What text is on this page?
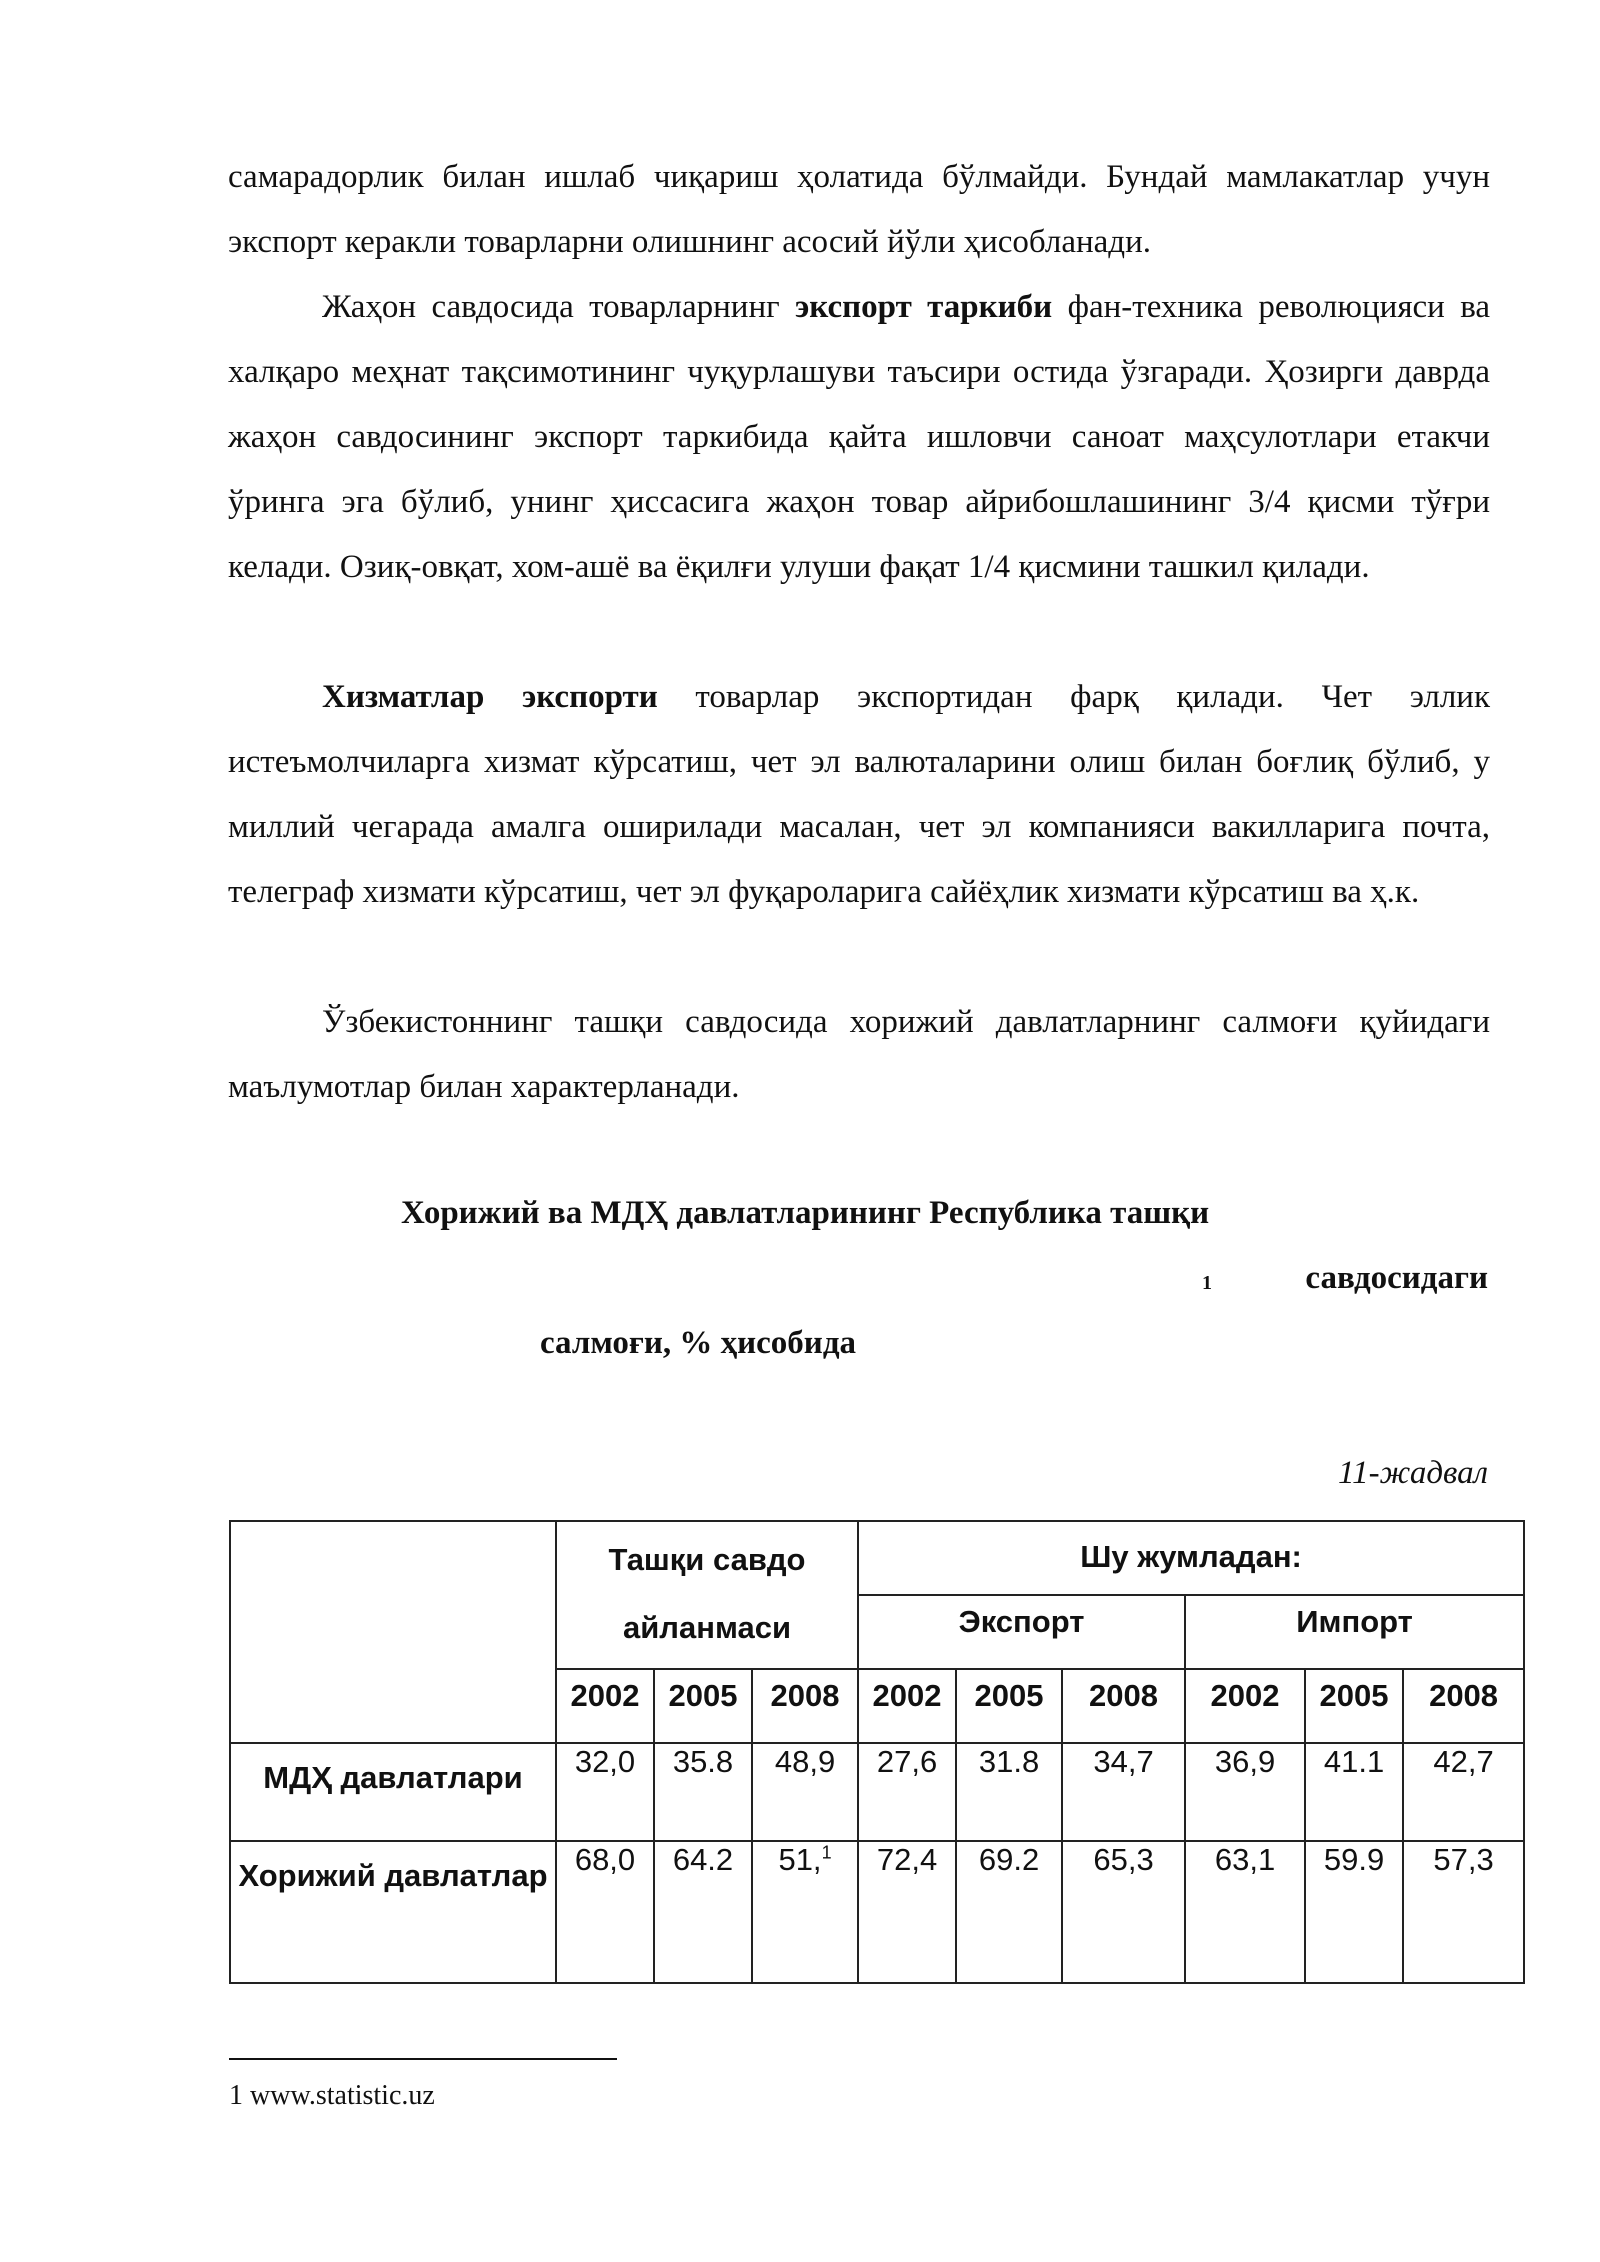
самарадорлик билан ишлаб чиқариш ҳолатида бўлмайди. Бундай мамлакатлар учун экспорт керакли товарларни олишнинг асосий йўли ҳисобланади.

Жаҳон савдосида товарларнинг экспорт таркиби фан-техника революцияси ва халқаро меҳнат тақсимотининг чуқурлашуви таъсири остида ўзгаради. Ҳозирги даврда жаҳон савдосининг экспорт таркибида қайта ишловчи саноат маҳсулотлари етакчи ўринга эга бўлиб, унинг ҳиссасига жаҳон товар айрибошлашининг 3/4 қисми тўғри келади. Озиқ-овқат, хом-ашё ва ёқилғи улуши фақат 1/4 қисмини ташкил қилади.

Хизматлар экспорти товарлар экспортидан фарқ қилади. Чет эллик истеъмолчиларга хизмат кўрсатиш, чет эл валюталарини олиш билан боғлиқ бўлиб, у миллий чегарада амалга оширилади масалан, чет эл компанияси вакилларига почта, телеграф хизмати кўрсатиш, чет эл фуқароларига сайёҳлик хизмати кўрсатиш ва ҳ.к.

Ўзбекистоннинг ташқи савдосида хорижий давлатларнинг салмоғи қуйидаги маълумотлар билан характерланади.

Хорижий ва МДҲ давлатларининг Республика ташқи
1	савдосидаги
салмоғи, % ҳисобида
11-жадвал
	Ташқи савдо айланмаси			Шу жумладан:					
				Экспорт			Импорт		
	2002	2005	2008	2002	2005	2008	2002	2005	2008
МДҲ давлатлари	32,0	35.8	48,9	27,6	31.8	34,7	36,9	41.1	42,7
Хорижий давлатлар	68,0	64.2	51,$^1$	72,4	69.2	65,3	63,1	59.9	57,3
1 www.statistic.uz
